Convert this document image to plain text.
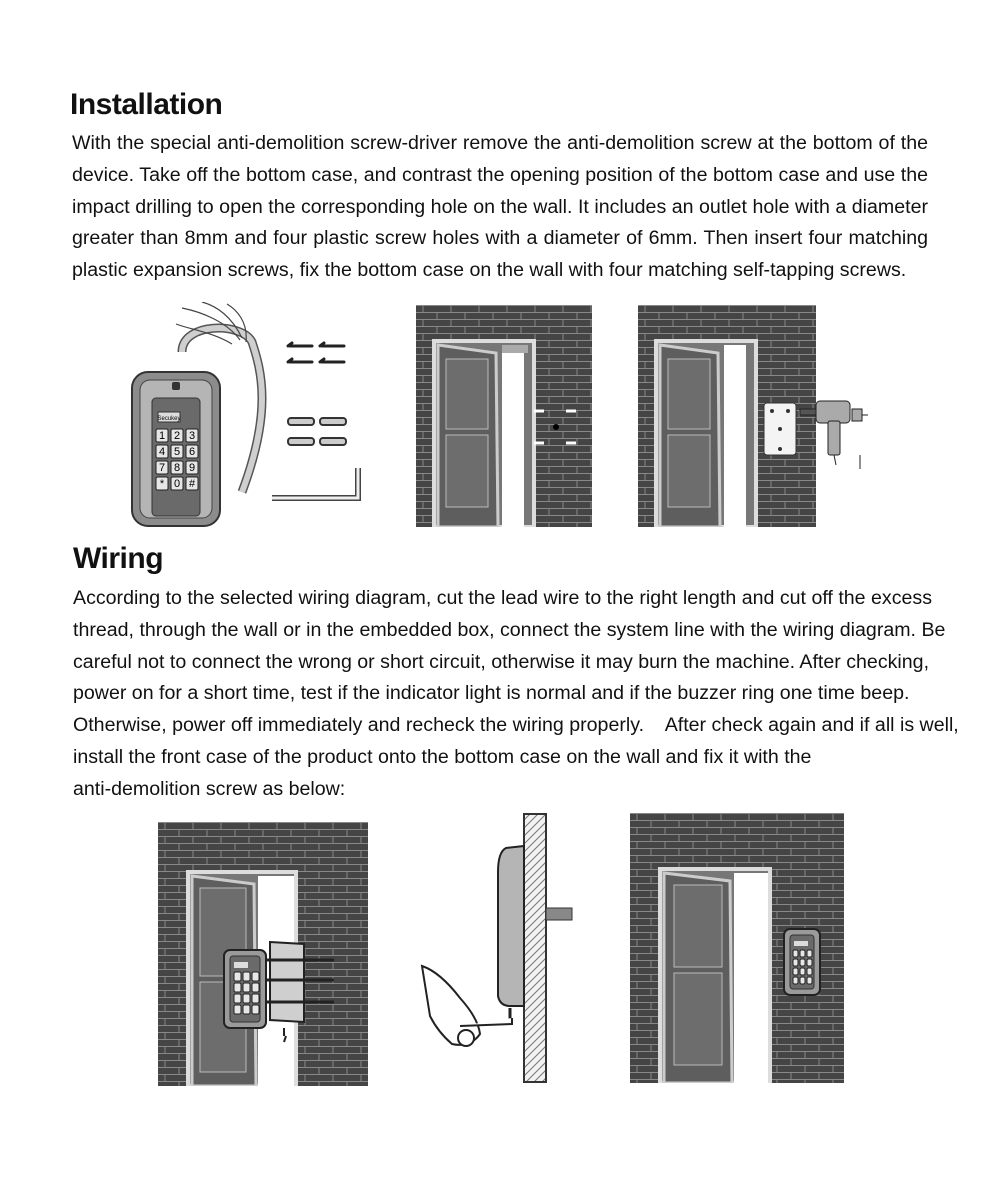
Installation

With the special anti-demolition screw-driver remove the anti-demolition screw at the bottom of the device. Take off the bottom case, and contrast the opening position of the bottom case and use the impact drilling to open the corresponding hole on the wall. It includes an outlet hole with a diameter greater than 8mm and four plastic screw holes with a diameter of 6mm. Then insert four matching plastic expansion screws, fix the bottom case on the wall with four matching self-tapping screws.

Secukey
1 2 3
4 5 6
7 8 9
* 0 #
Wiring

According to the selected wiring diagram, cut the lead wire to the right length and cut off the excess
thread, through the wall or in the embedded box, connect the system line with the wiring diagram. Be
careful not to connect the wrong or short circuit, otherwise it may burn the machine. After checking,
power on for a short time, test if the indicator light is normal and if the buzzer ring one time beep.
Otherwise, power off immediately and recheck the wiring properly.    After check again and if all is well,
install the front case of the product onto the bottom case on the wall and fix it with the
anti-demolition screw as below:
